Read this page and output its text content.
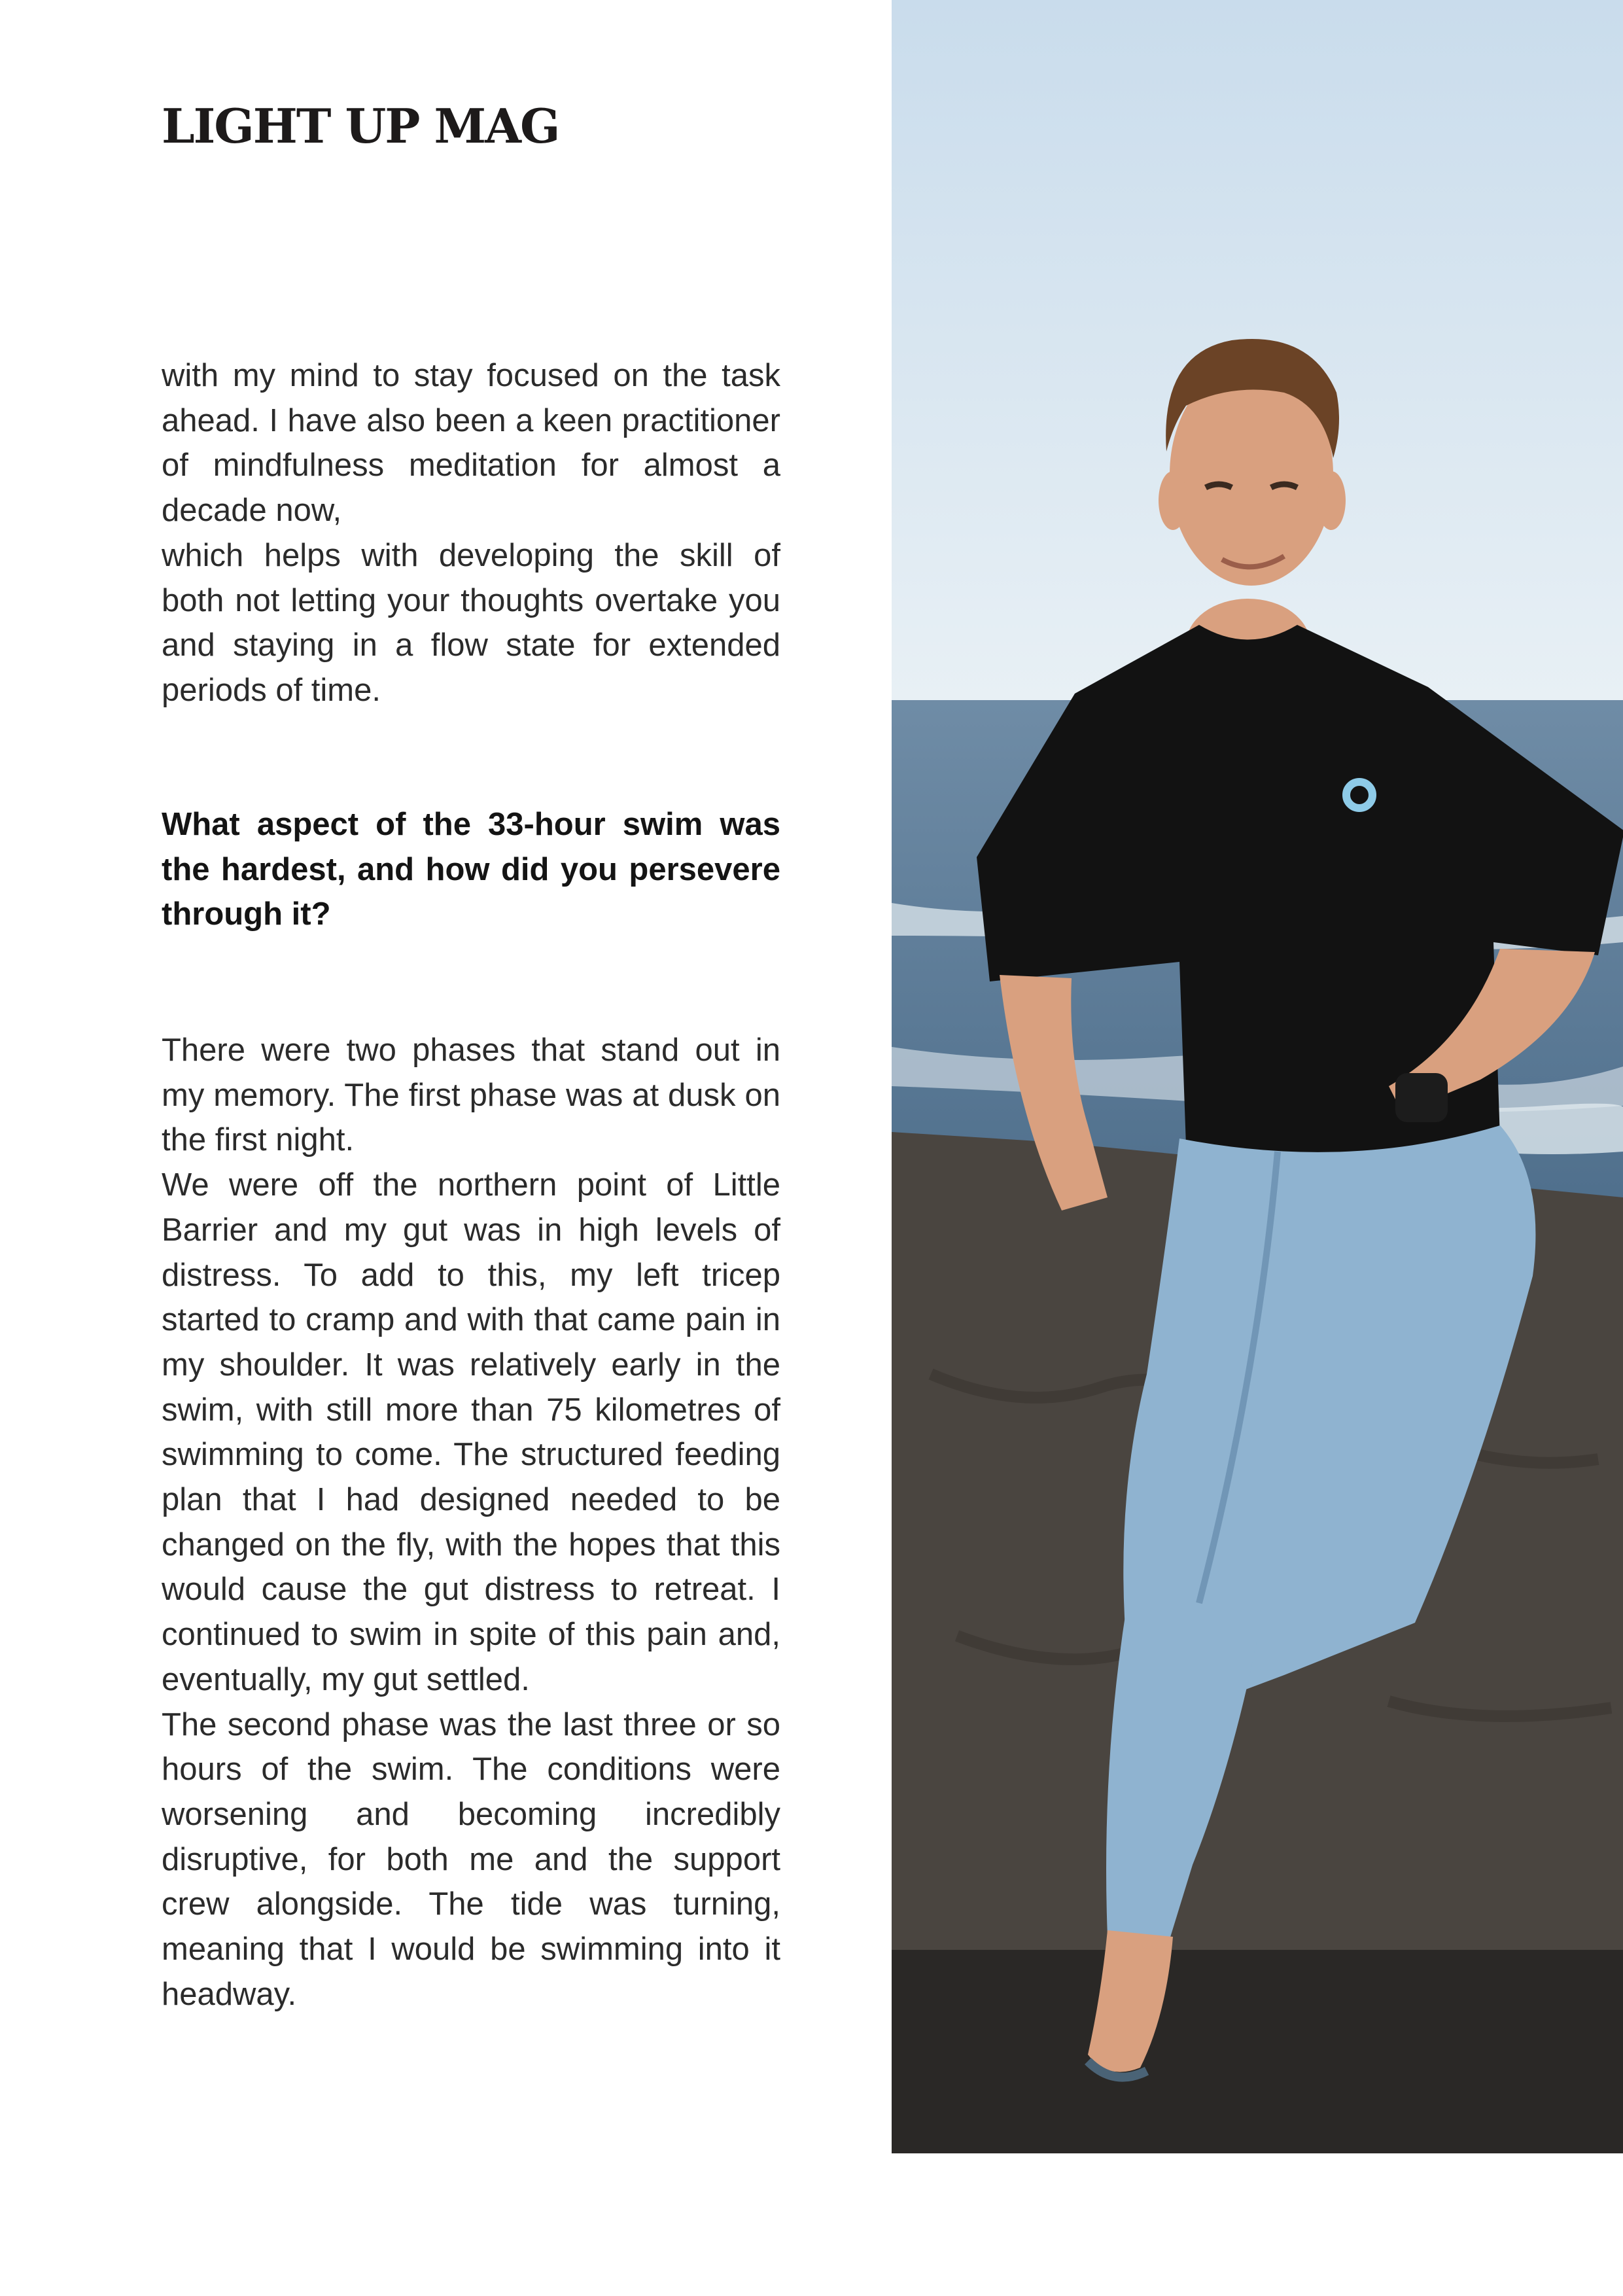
LIGHT UP MAG

with my mind to stay focused on the task ahead. I have also been a keen practitioner of mindfulness meditation for almost a decade now,

which helps with developing the skill of both not letting your thoughts overtake you and staying in a flow state for extended periods of time.

What aspect of the 33-hour swim was the hardest, and how did you persevere through it?

There were two phases that stand out in my memory. The first phase was at dusk on the first night.

We were off the northern point of Little Barrier and my gut was in high levels of distress. To add to this, my left tricep started to cramp and with that came pain in my shoulder. It was relatively early in the swim, with still more than 75 kilometres of swimming to come. The structured feeding plan that I had designed needed to be changed on the fly, with the hopes that this would cause the gut distress to retreat. I continued to swim in spite of this pain and, eventually, my gut settled.

The second phase was the last three or so hours of the swim. The conditions were worsening and becoming incredibly disruptive, for both me and the support crew alongside. The tide was turning, meaning that I would be swimming into it headway.
